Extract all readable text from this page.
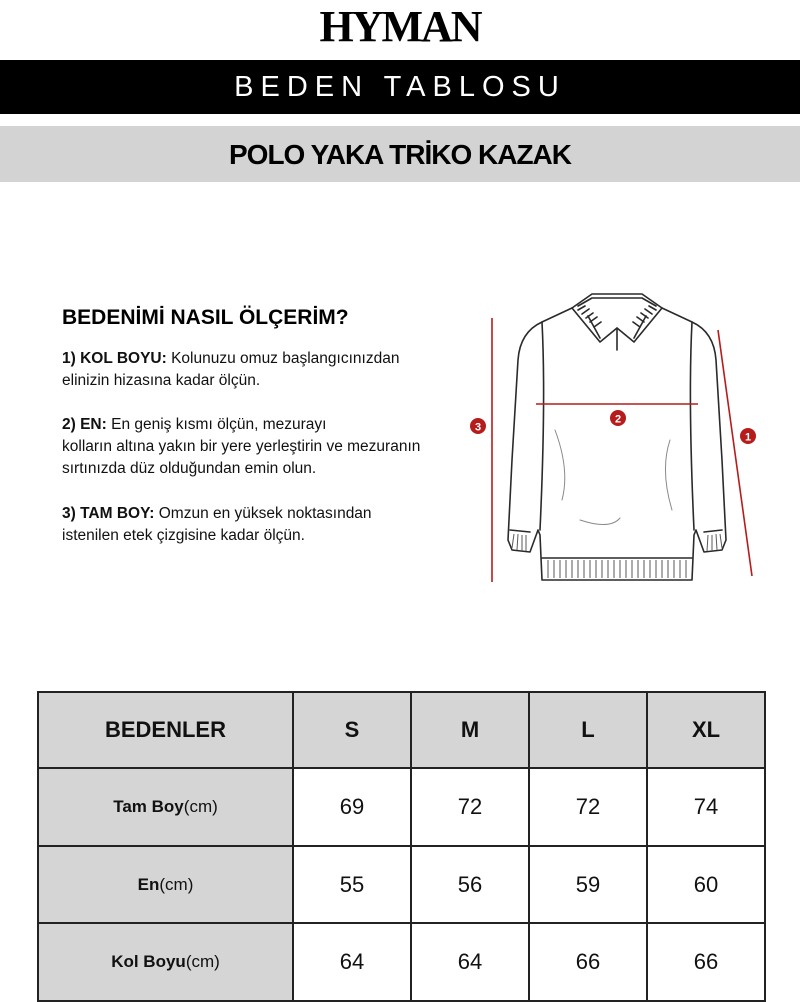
HYMAN
BEDEN TABLOSU
POLO YAKA TRİKO KAZAK
BEDENİMİ NASIL ÖLÇERİM?
1) KOL BOYU: Kolunuzu omuz başlangıcınızdan
elinizin hizasına kadar ölçün.
2) EN: En geniş kısmı ölçün, mezurayı
kolların altına yakın bir yere yerleştirin ve mezuranın
sırtınızda düz olduğundan emin olun.
3) TAM BOY: Omzun en yüksek noktasından
istenilen etek çizgisine kadar ölçün.
3
2
1
BEDENLER	S	M	L	XL
Tam Boy(cm)	69	72	72	74
En(cm)	55	56	59	60
Kol Boyu(cm)	64	64	66	66
